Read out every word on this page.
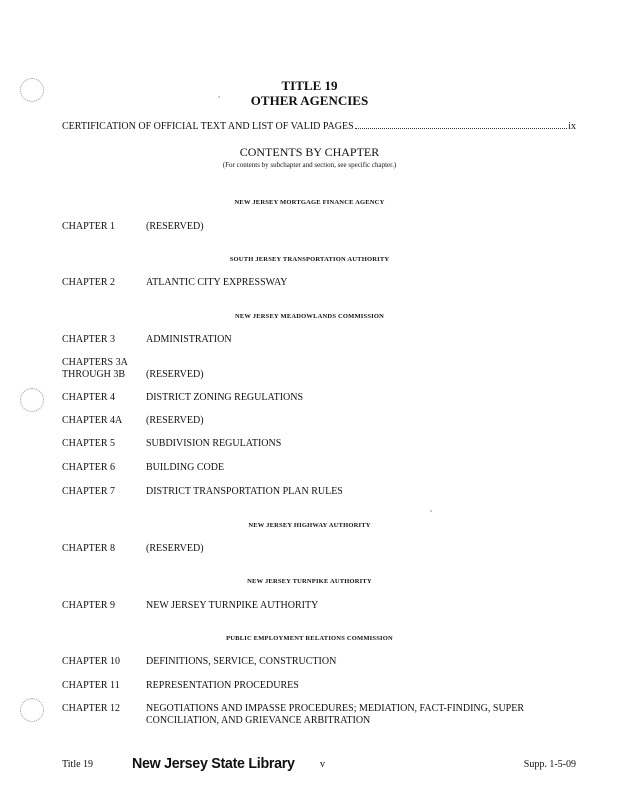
TITLE 19
OTHER AGENCIES
CERTIFICATION OF OFFICIAL TEXT AND LIST OF VALID PAGES	ix
CONTENTS BY CHAPTER
(For contents by subchapter and section, see specific chapter.)
NEW JERSEY MORTGAGE FINANCE AGENCY
SOUTH JERSEY TRANSPORTATION AUTHORITY
NEW JERSEY MEADOWLANDS COMMISSION
NEW JERSEY HIGHWAY AUTHORITY
NEW JERSEY TURNPIKE AUTHORITY
PUBLIC EMPLOYMENT RELATIONS COMMISSION
CHAPTER 1	(RESERVED)
CHAPTER 2	ATLANTIC CITY EXPRESSWAY
CHAPTER 3	ADMINISTRATION
CHAPTERS 3A
THROUGH 3B	(RESERVED)
CHAPTER 4	DISTRICT ZONING REGULATIONS
CHAPTER 4A	(RESERVED)
CHAPTER 5	SUBDIVISION REGULATIONS
CHAPTER 6	BUILDING CODE
CHAPTER 7	DISTRICT TRANSPORTATION PLAN RULES
CHAPTER 8	(RESERVED)
CHAPTER 9	NEW JERSEY TURNPIKE AUTHORITY
CHAPTER 10	DEFINITIONS, SERVICE, CONSTRUCTION
CHAPTER 11	REPRESENTATION PROCEDURES
CHAPTER 12	NEGOTIATIONS AND IMPASSE PROCEDURES; MEDIATION, FACT-FINDING, SUPER
CONCILIATION, AND GRIEVANCE ARBITRATION
Title 19	New Jersey State Library	v	Supp. 1-5-09
